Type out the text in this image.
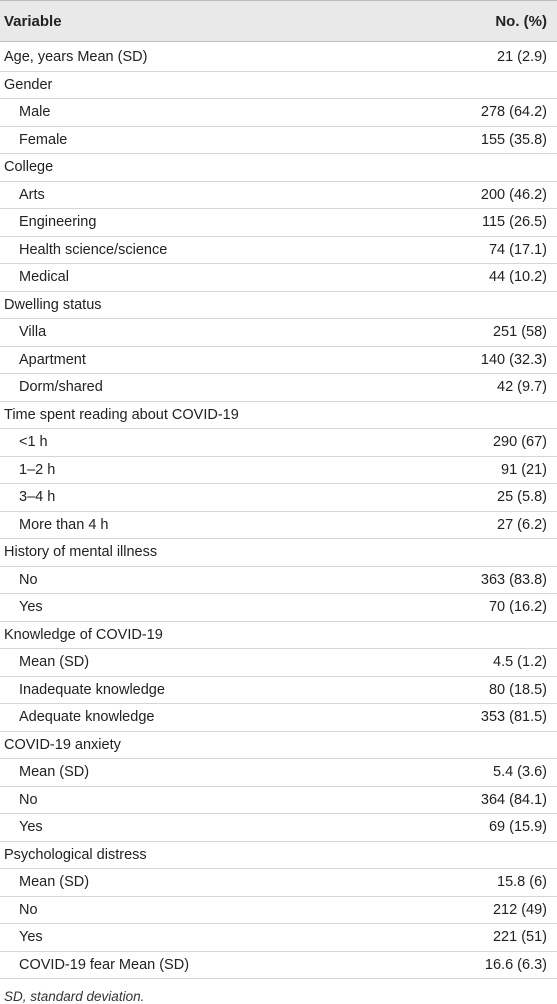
Variable	No. (%)
Age, years Mean (SD)	21 (2.9)
Gender	
Male	278 (64.2)
Female	155 (35.8)
College	
Arts	200 (46.2)
Engineering	115 (26.5)
Health science/science	74 (17.1)
Medical	44 (10.2)
Dwelling status	
Villa	251 (58)
Apartment	140 (32.3)
Dorm/shared	42 (9.7)
Time spent reading about COVID-19	
<1 h	290 (67)
1–2 h	91 (21)
3–4 h	25 (5.8)
More than 4 h	27 (6.2)
History of mental illness	
No	363 (83.8)
Yes	70 (16.2)
Knowledge of COVID-19	
Mean (SD)	4.5 (1.2)
Inadequate knowledge	80 (18.5)
Adequate knowledge	353 (81.5)
COVID-19 anxiety	
Mean (SD)	5.4 (3.6)
No	364 (84.1)
Yes	69 (15.9)
Psychological distress	
Mean (SD)	15.8 (6)
No	212 (49)
Yes	221 (51)
COVID-19 fear Mean (SD)	16.6 (6.3)
SD, standard deviation.
